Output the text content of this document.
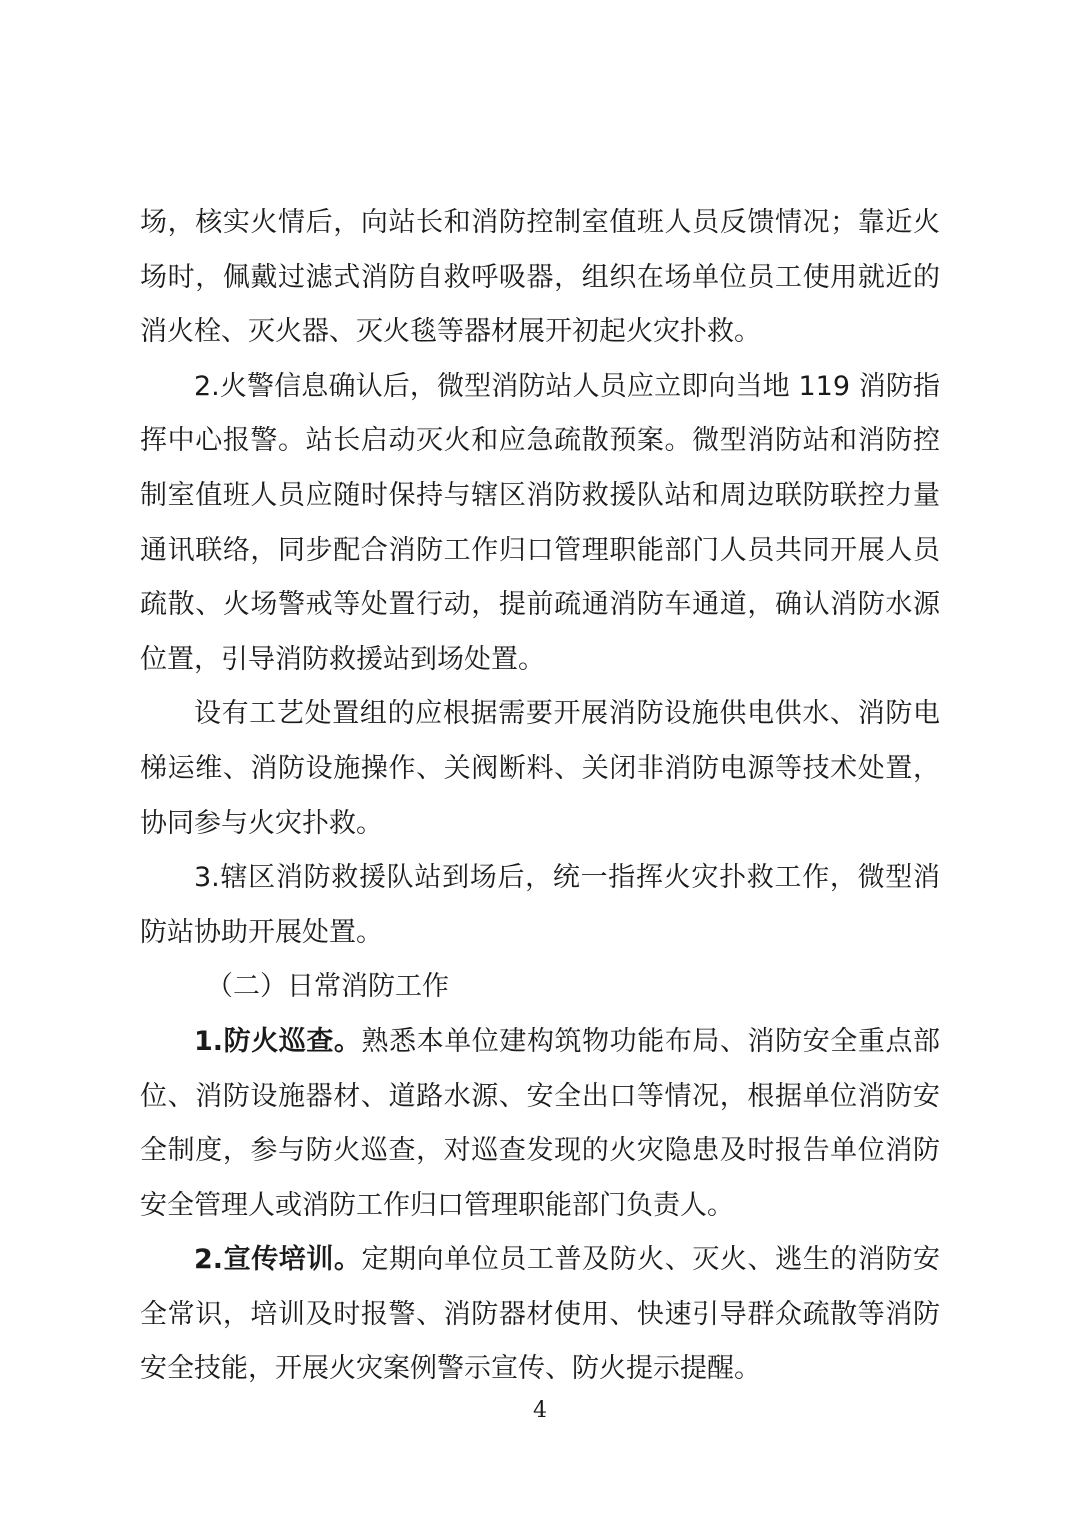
场，核实火情后，向站长和消防控制室值班人员反馈情况；靠近火场时，佩戴过滤式消防自救呼吸器，组织在场单位员工使用就近的消火栓、灭火器、灭火毯等器材展开初起火灾扑救。

2.火警信息确认后，微型消防站人员应立即向当地 119 消防指挥中心报警。站长启动灭火和应急疏散预案。微型消防站和消防控制室值班人员应随时保持与辖区消防救援队站和周边联防联控力量通讯联络，同步配合消防工作归口管理职能部门人员共同开展人员疏散、火场警戒等处置行动，提前疏通消防车通道，确认消防水源位置，引导消防救援站到场处置。

设有工艺处置组的应根据需要开展消防设施供电供水、消防电梯运维、消防设施操作、关阀断料、关闭非消防电源等技术处置，协同参与火灾扑救。

3.辖区消防救援队站到场后，统一指挥火灾扑救工作，微型消防站协助开展处置。

（二）日常消防工作

1.防火巡查。熟悉本单位建构筑物功能布局、消防安全重点部位、消防设施器材、道路水源、安全出口等情况，根据单位消防安全制度，参与防火巡查，对巡查发现的火灾隐患及时报告单位消防安全管理人或消防工作归口管理职能部门负责人。

2.宣传培训。定期向单位员工普及防火、灭火、逃生的消防安全常识，培训及时报警、消防器材使用、快速引导群众疏散等消防安全技能，开展火灾案例警示宣传、防火提示提醒。

4
